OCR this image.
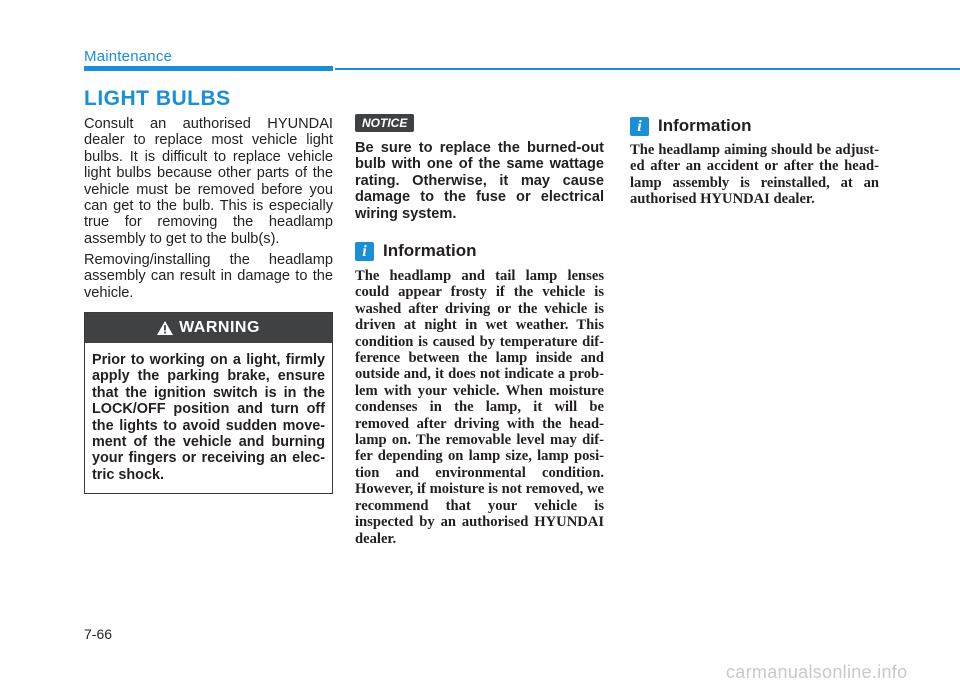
Maintenance
LIGHT BULBS

Consult an authorised HYUNDAI dealer to replace most vehicle light bulbs. It is difficult to replace vehicle light bulbs because other parts of the vehicle must be removed before you can get to the bulb. This is especially true for removing the headlamp assembly to get to the bulb(s).

Removing/installing the headlamp assembly can result in damage to the vehicle.

WARNING
Prior to working on a light, firmly apply the parking brake, ensure that the ignition switch is in the LOCK/OFF position and turn off the lights to avoid sudden move-ment of the vehicle and burning your fingers or receiving an elec-tric shock.
NOTICE
Be sure to replace the burned-out bulb with one of the same wattage rating. Otherwise, it may cause damage to the fuse or electrical wiring system.
i Information
The headlamp and tail lamp lenses could appear frosty if the vehicle is washed after driving or the vehicle is driven at night in wet weather. This condition is caused by temperature dif-ference between the lamp inside and outside and, it does not indicate a prob-lem with your vehicle. When moisture condenses in the lamp, it will be removed after driving with the head-lamp on. The removable level may dif-fer depending on lamp size, lamp posi-tion and environmental condition. However, if moisture is not removed, we recommend that your vehicle is inspected by an authorised HYUNDAI dealer.
i Information
The headlamp aiming should be adjust-ed after an accident or after the head-lamp assembly is reinstalled, at an authorised HYUNDAI dealer.
7-66
carmanualsonline.info
